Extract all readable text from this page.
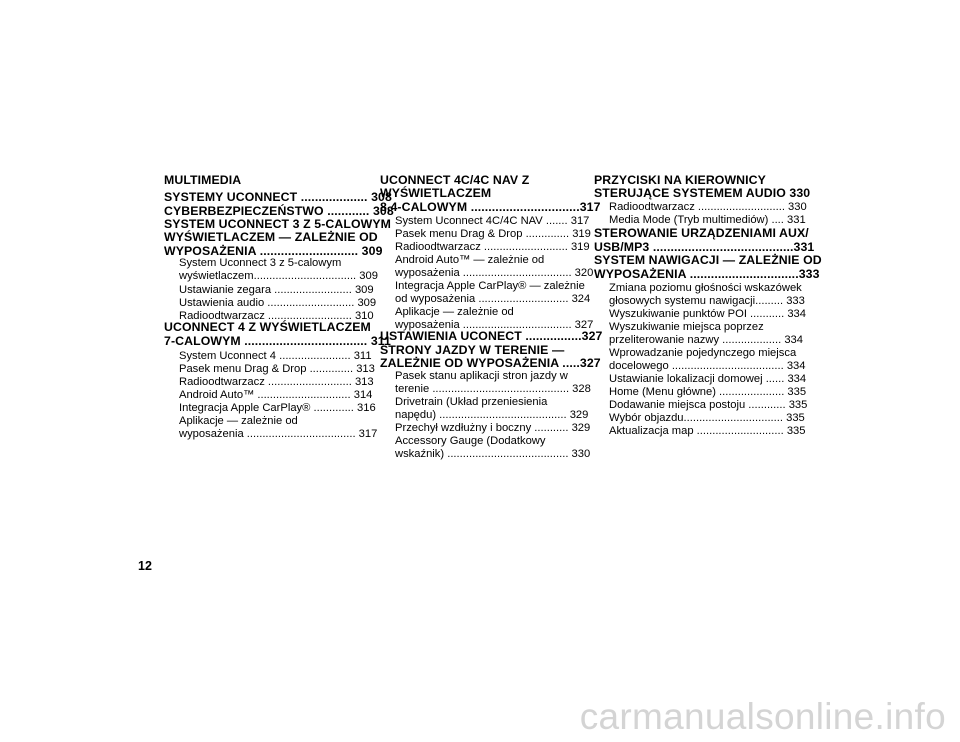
MULTIMEDIA
SYSTEMY UCONNECT ................... 308
CYBERBEZPIECZEŃSTWO ............ 308
SYSTEM UCONNECT 3 Z 5-CALOWYM
WYŚWIETLACZEM — ZALEŻNIE OD
WYPOSAŻENIA ............................ 309
System Uconnect 3 z 5-calowym
wyświetlaczem................................. 309
Ustawianie zegara ......................... 309
Ustawienia audio ............................ 309
Radioodtwarzacz ........................... 310
UCONNECT 4 Z WYŚWIETLACZEM
7-CALOWYM ................................... 311
System Uconnect 4 ....................... 311
Pasek menu Drag & Drop .............. 313
Radioodtwarzacz ........................... 313
Android Auto™ .............................. 314
Integracja Apple CarPlay® ............. 316
Aplikacje — zależnie od
wyposażenia ................................... 317
UCONNECT 4C/4C NAV Z
WYŚWIETLACZEM
8,4-CALOWYM ...............................317
System Uconnect 4C/4C NAV ....... 317
Pasek menu Drag & Drop .............. 319
Radioodtwarzacz ........................... 319
Android Auto™ — zależnie od
wyposażenia ................................... 320
Integracja Apple CarPlay® — zależnie
od wyposażenia ............................. 324
Aplikacje — zależnie od
wyposażenia ................................... 327
USTAWIENIA UCONECT ................327
STRONY JAZDY W TERENIE —
ZALEŻNIE OD WYPOSAŻENIA .....327
Pasek stanu aplikacji stron jazdy w
terenie ............................................ 328
Drivetrain (Układ przeniesienia
napędu) ......................................... 329
Przechył wzdłużny i boczny ........... 329
Accessory Gauge (Dodatkowy
wskaźnik) ....................................... 330
PRZYCISKI NA KIEROWNICY
STERUJĄCE SYSTEMEM AUDIO 330
Radioodtwarzacz ............................ 330
Media Mode (Tryb multimediów) .... 331
STEROWANIE URZĄDZENIAMI AUX/
USB/MP3 ........................................331
SYSTEM NAWIGACJI — ZALEŻNIE OD
WYPOSAŻENIA ...............................333
Zmiana poziomu głośności wskazówek
głosowych systemu nawigacji......... 333
Wyszukiwanie punktów POI ........... 334
Wyszukiwanie miejsca poprzez
przeliterowanie nazwy ................... 334
Wprowadzanie pojedynczego miejsca
docelowego .................................... 334
Ustawianie lokalizacji domowej ...... 334
Home (Menu główne) ..................... 335
Dodawanie miejsca postoju ............ 335
Wybór objazdu................................ 335
Aktualizacja map ............................ 335
12
carmanualsonline.info
